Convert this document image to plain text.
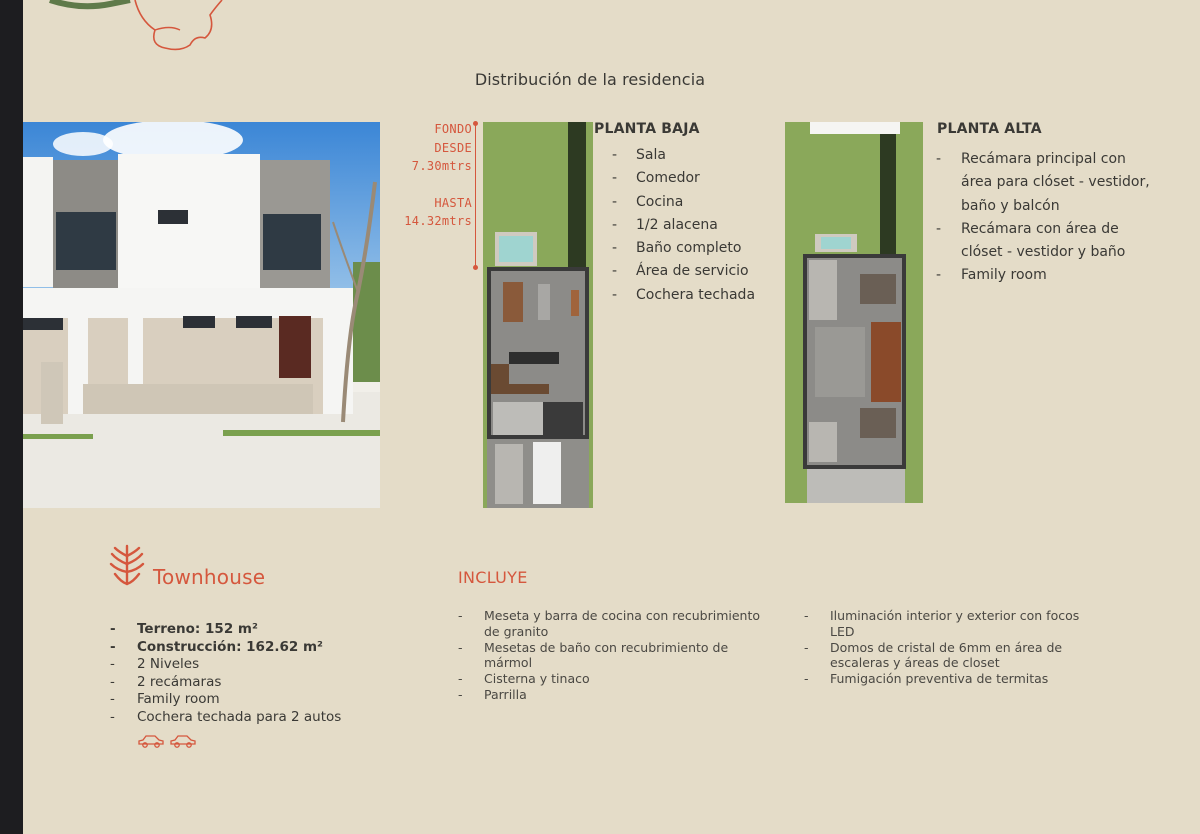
Distribución de la residencia
FONDO
DESDE
7.30mtrs
HASTA
14.32mtrs
PLANTA BAJA
- Sala
- Comedor
- Cocina
- 1/2 alacena
- Baño completo
- Área de servicio
- Cochera techada
PLANTA ALTA
-	Recámara principal con área para clóset - vestidor, baño y balcón
-	Recámara con área de clóset - vestidor y baño
-	Family room
Townhouse
- Terreno: 152 m²
- Construcción: 162.62 m²
- 2 Niveles
- 2 recámaras
- Family room
- Cochera techada para 2 autos
INCLUYE
-	Meseta y barra de cocina con recubrimiento de granito
-	Mesetas de baño con recubrimiento de mármol
-	Cisterna y tinaco
-	Parrilla
-	Iluminación interior y exterior con focos LED
-	Domos de cristal de 6mm en área de escaleras y áreas de closet
-	Fumigación preventiva de termitas
